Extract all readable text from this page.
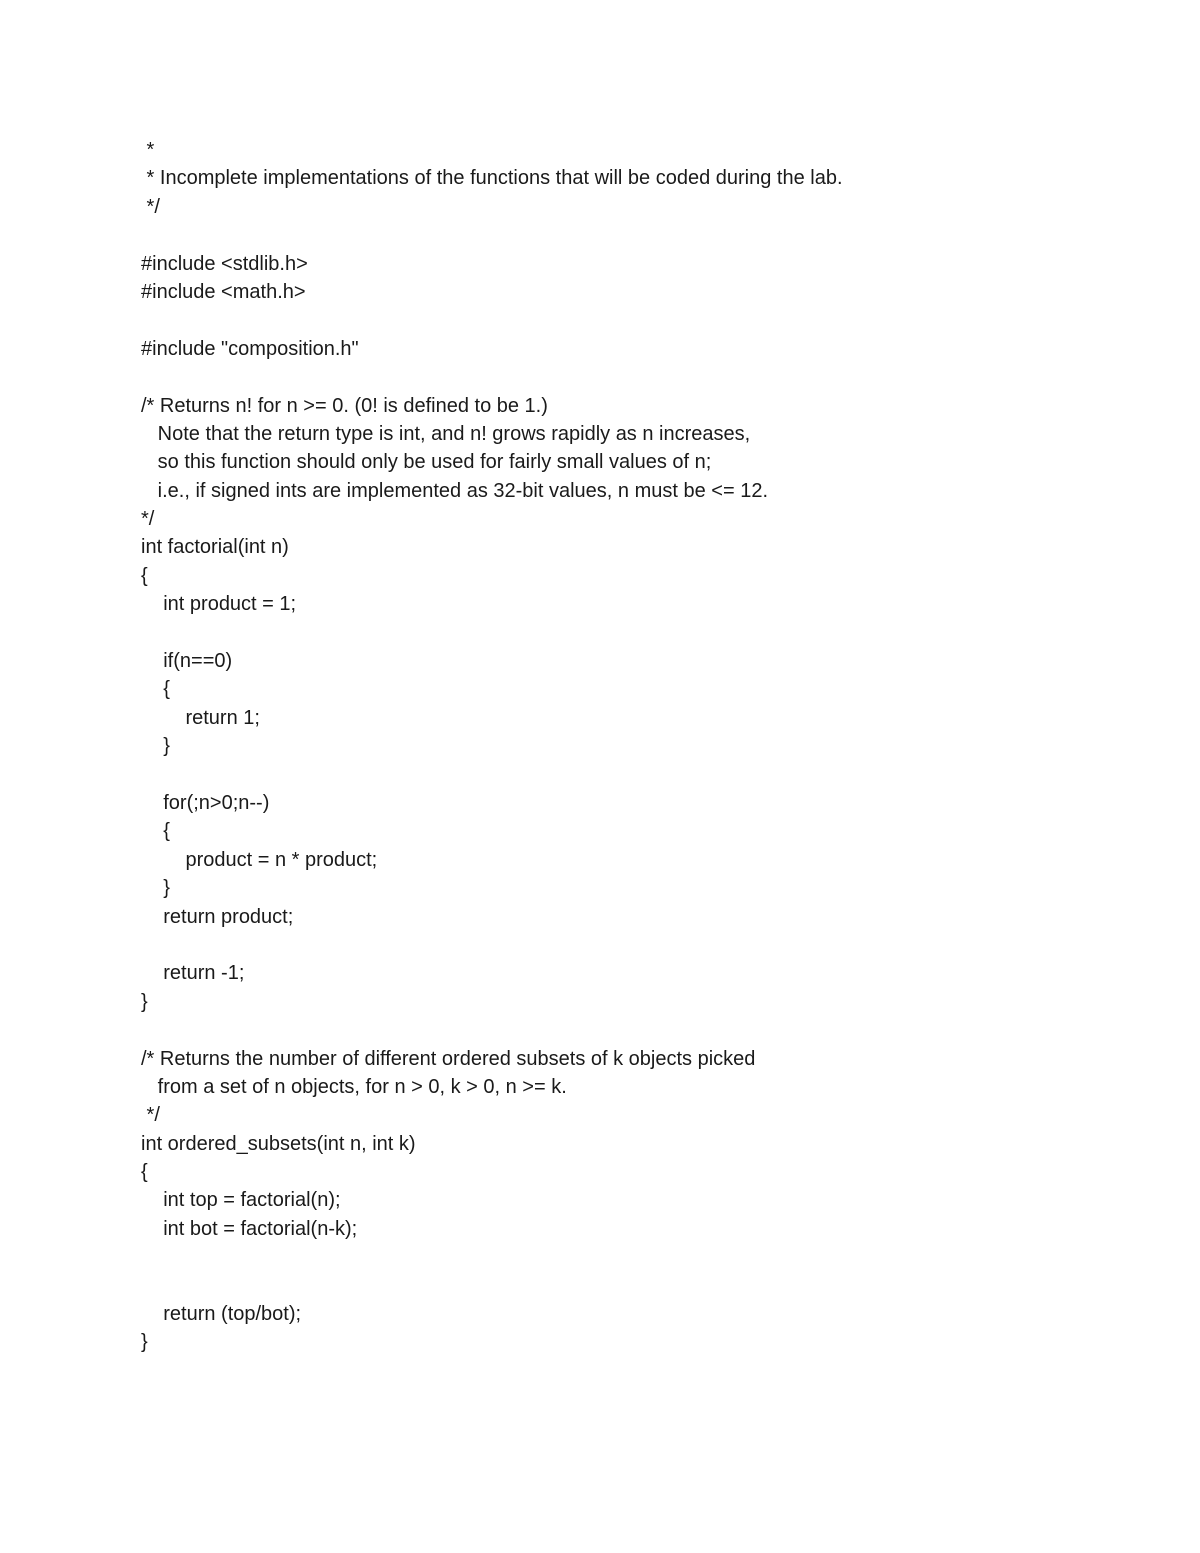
*
* Incomplete implementations of the functions that will be coded during the lab.
*/
#include <stdlib.h>
#include <math.h>
#include "composition.h"
/* Returns n! for n >= 0. (0! is defined to be 1.)
Note that the return type is int, and n! grows rapidly as n increases,
so this function should only be used for fairly small values of n;
i.e., if signed ints are implemented as 32-bit values, n must be <= 12.
*/
int factorial(int n)
{
int product = 1;
if(n==0)
{
return 1;
}
for(;n>0;n--)
{
product = n * product;
}
return product;
return -1;
}
/* Returns the number of different ordered subsets of k objects picked
from a set of n objects, for n > 0, k > 0, n >= k.
*/
int ordered_subsets(int n, int k)
{
int top = factorial(n);
int bot = factorial(n-k);
return (top/bot);
}
